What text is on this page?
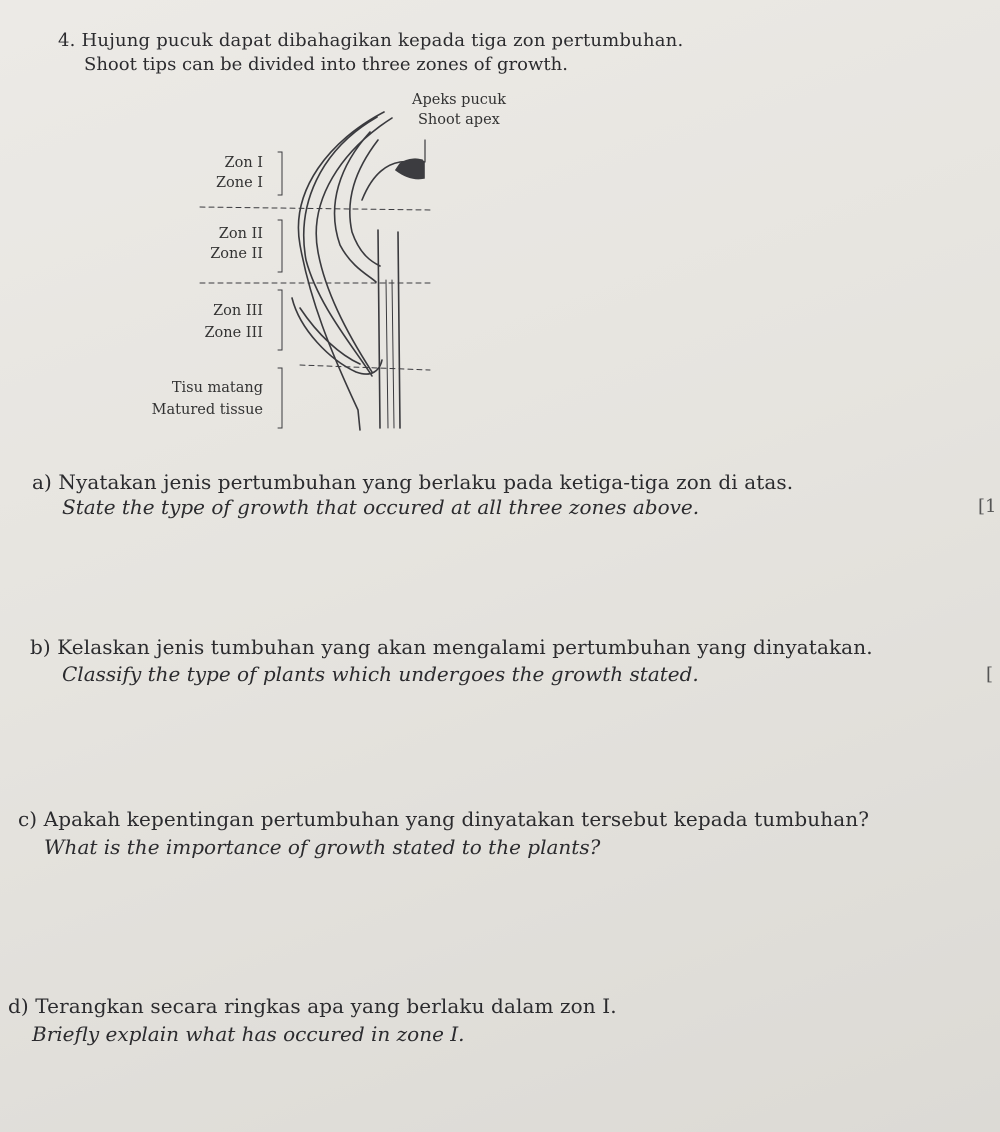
4. Hujung pucuk dapat dibahagikan kepada tiga zon pertumbuhan.
Shoot tips can be divided into three zones of growth.
Apeks pucuk
Shoot apex
Zon I
Zone I
Zon II
Zone II
Zon III
Zone III
Tisu matang
Matured tissue
a) Nyatakan jenis pertumbuhan yang berlaku pada ketiga-tiga zon di atas.
State the type of growth that occured at all three zones above.	[1
b) Kelaskan jenis tumbuhan yang akan mengalami pertumbuhan yang dinyatakan.
Classify the type of plants which undergoes the growth stated.	[
c) Apakah kepentingan pertumbuhan yang dinyatakan tersebut kepada tumbuhan?
What is the importance of growth stated to the plants?
d) Terangkan secara ringkas apa yang berlaku dalam zon I.
Briefly explain what has occured in zone I.
